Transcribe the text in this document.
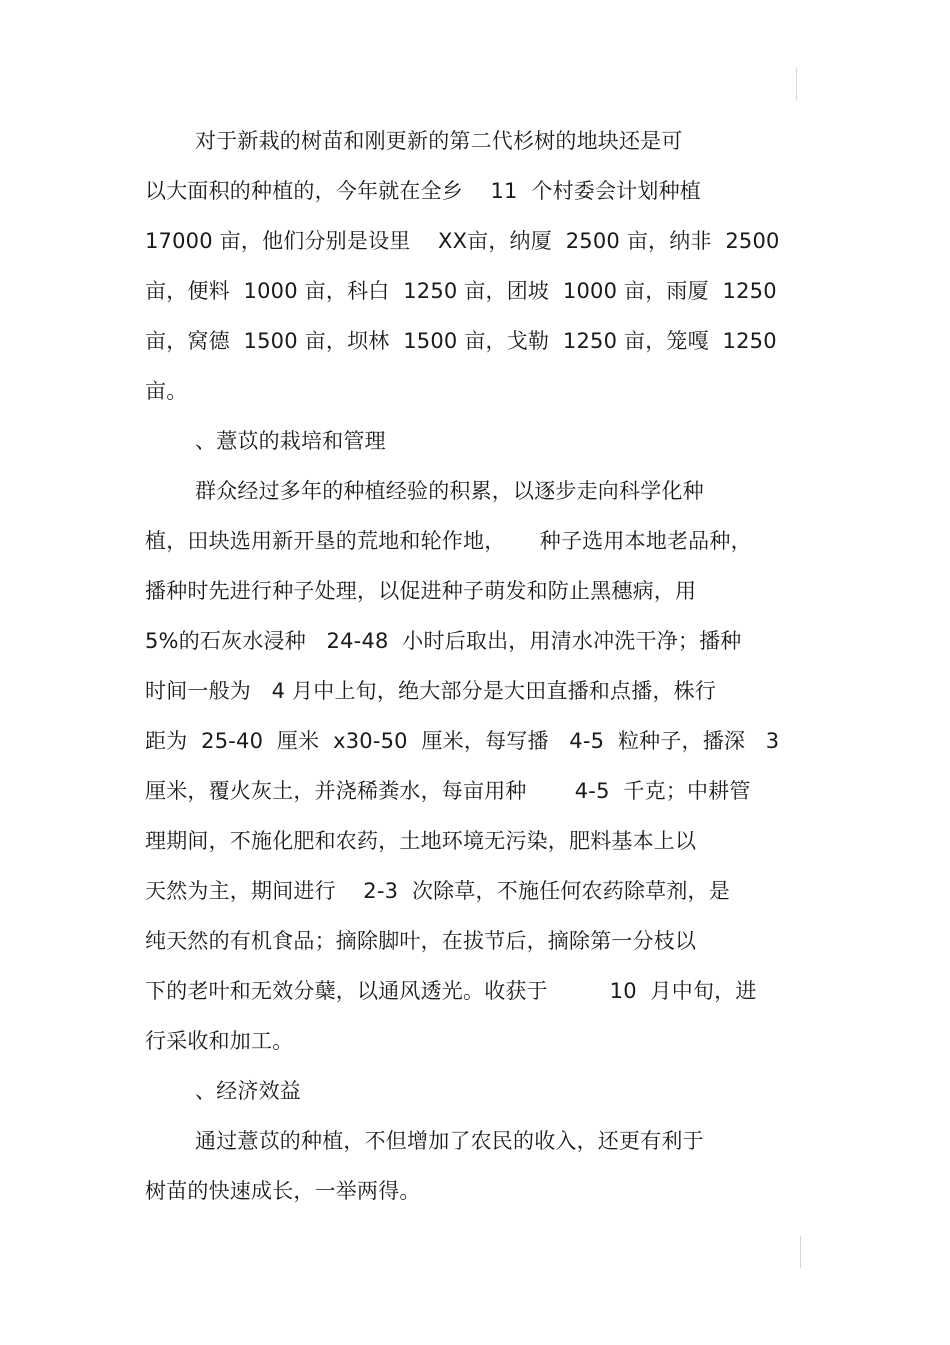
对于新栽的树苗和刚更新的第二代杉树的地块还是可
以大面积的种植的，今年就在全乡    11  个村委会计划种植
17000 亩，他们分别是设里    XX亩，纳厦  2500 亩，纳非  2500
亩，便料  1000 亩，科白  1250 亩，团坡  1000 亩，雨厦  1250
亩，窝德  1500 亩，坝林  1500 亩，戈勒  1250 亩，笼嘎  1250
亩。
、薏苡的栽培和管理
群众经过多年的种植经验的积累，以逐步走向科学化种
植，田块选用新开垦的荒地和轮作地，     种子选用本地老品种，
播种时先进行种子处理，以促进种子萌发和防止黑穗病，用
5%的石灰水浸种   24-48  小时后取出，用清水冲洗干净；播种
时间一般为   4 月中上旬，绝大部分是大田直播和点播，株行
距为  25-40  厘米  x30-50  厘米，每写播   4-5  粒种子，播深   3
厘米，覆火灰土，并浇稀粪水，每亩用种       4-5  千克；中耕管
理期间，不施化肥和农药，土地环境无污染，肥料基本上以
天然为主，期间进行    2-3  次除草，不施任何农药除草剂，是
纯天然的有机食品；摘除脚叶，在拔节后，摘除第一分枝以
下的老叶和无效分蘖，以通风透光。收获于         10  月中旬，进
行采收和加工。
、经济效益
通过薏苡的种植，不但增加了农民的收入，还更有利于
树苗的快速成长，一举两得。
